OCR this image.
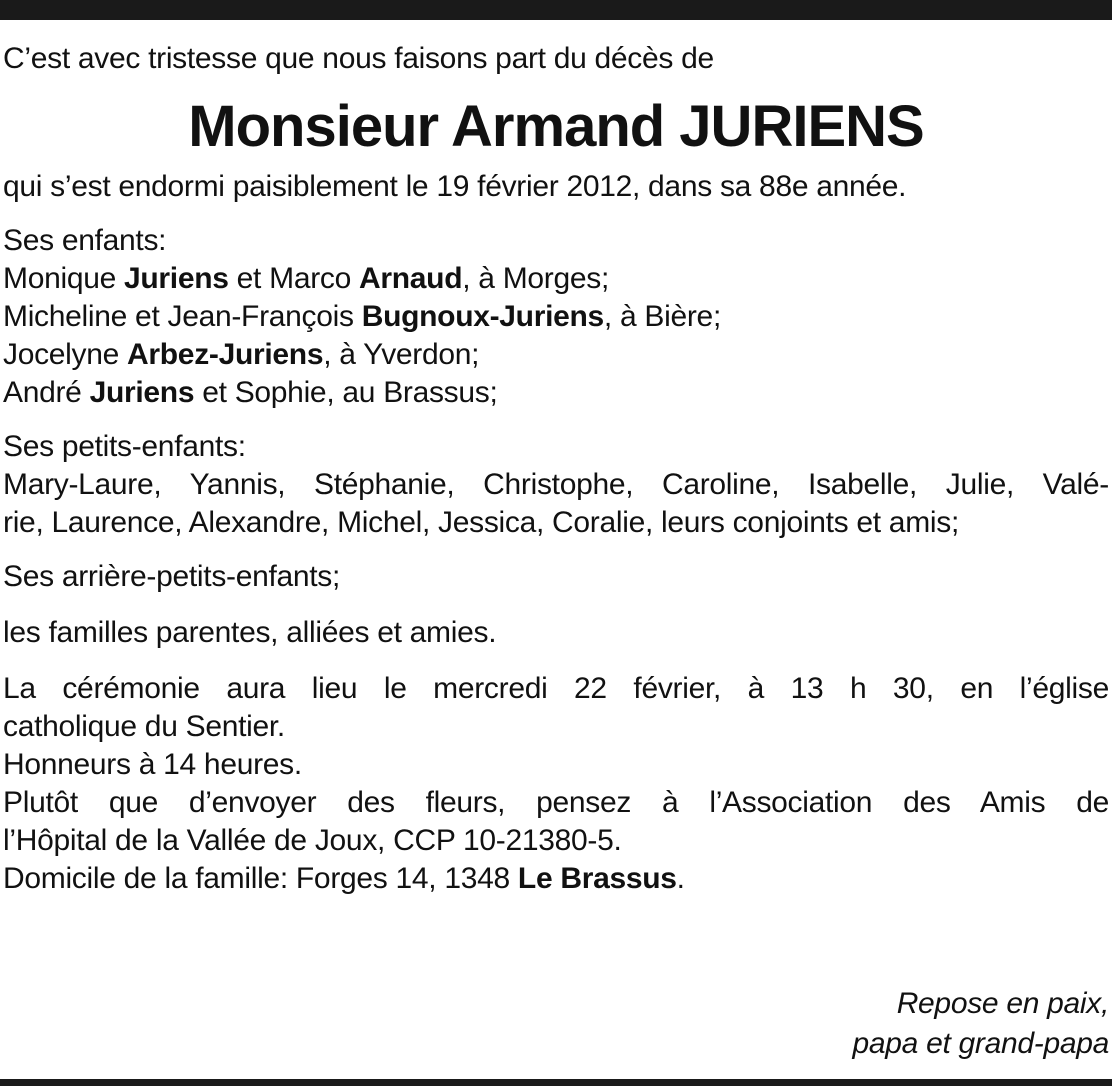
C’est avec tristesse que nous faisons part du décès de
Monsieur Armand JURIENS
qui s’est endormi paisiblement le 19 février 2012, dans sa 88e année.
Ses enfants:
Monique Juriens et Marco Arnaud, à Morges;
Micheline et Jean-François Bugnoux-Juriens, à Bière;
Jocelyne Arbez-Juriens, à Yverdon;
André Juriens et Sophie, au Brassus;
Ses petits-enfants:
Mary-Laure, Yannis, Stéphanie, Christophe, Caroline, Isabelle, Julie, Valé-
rie, Laurence, Alexandre, Michel, Jessica, Coralie, leurs conjoints et amis;
Ses arrière-petits-enfants;
les familles parentes, alliées et amies.
La cérémonie aura lieu le mercredi 22 février, à 13 h 30, en l’église
catholique du Sentier.
Honneurs à 14 heures.
Plutôt que d’envoyer des fleurs, pensez à l’Association des Amis de
l’Hôpital de la Vallée de Joux, CCP 10-21380-5.
Domicile de la famille: Forges 14, 1348 Le Brassus.
Repose en paix,
papa et grand-papa
